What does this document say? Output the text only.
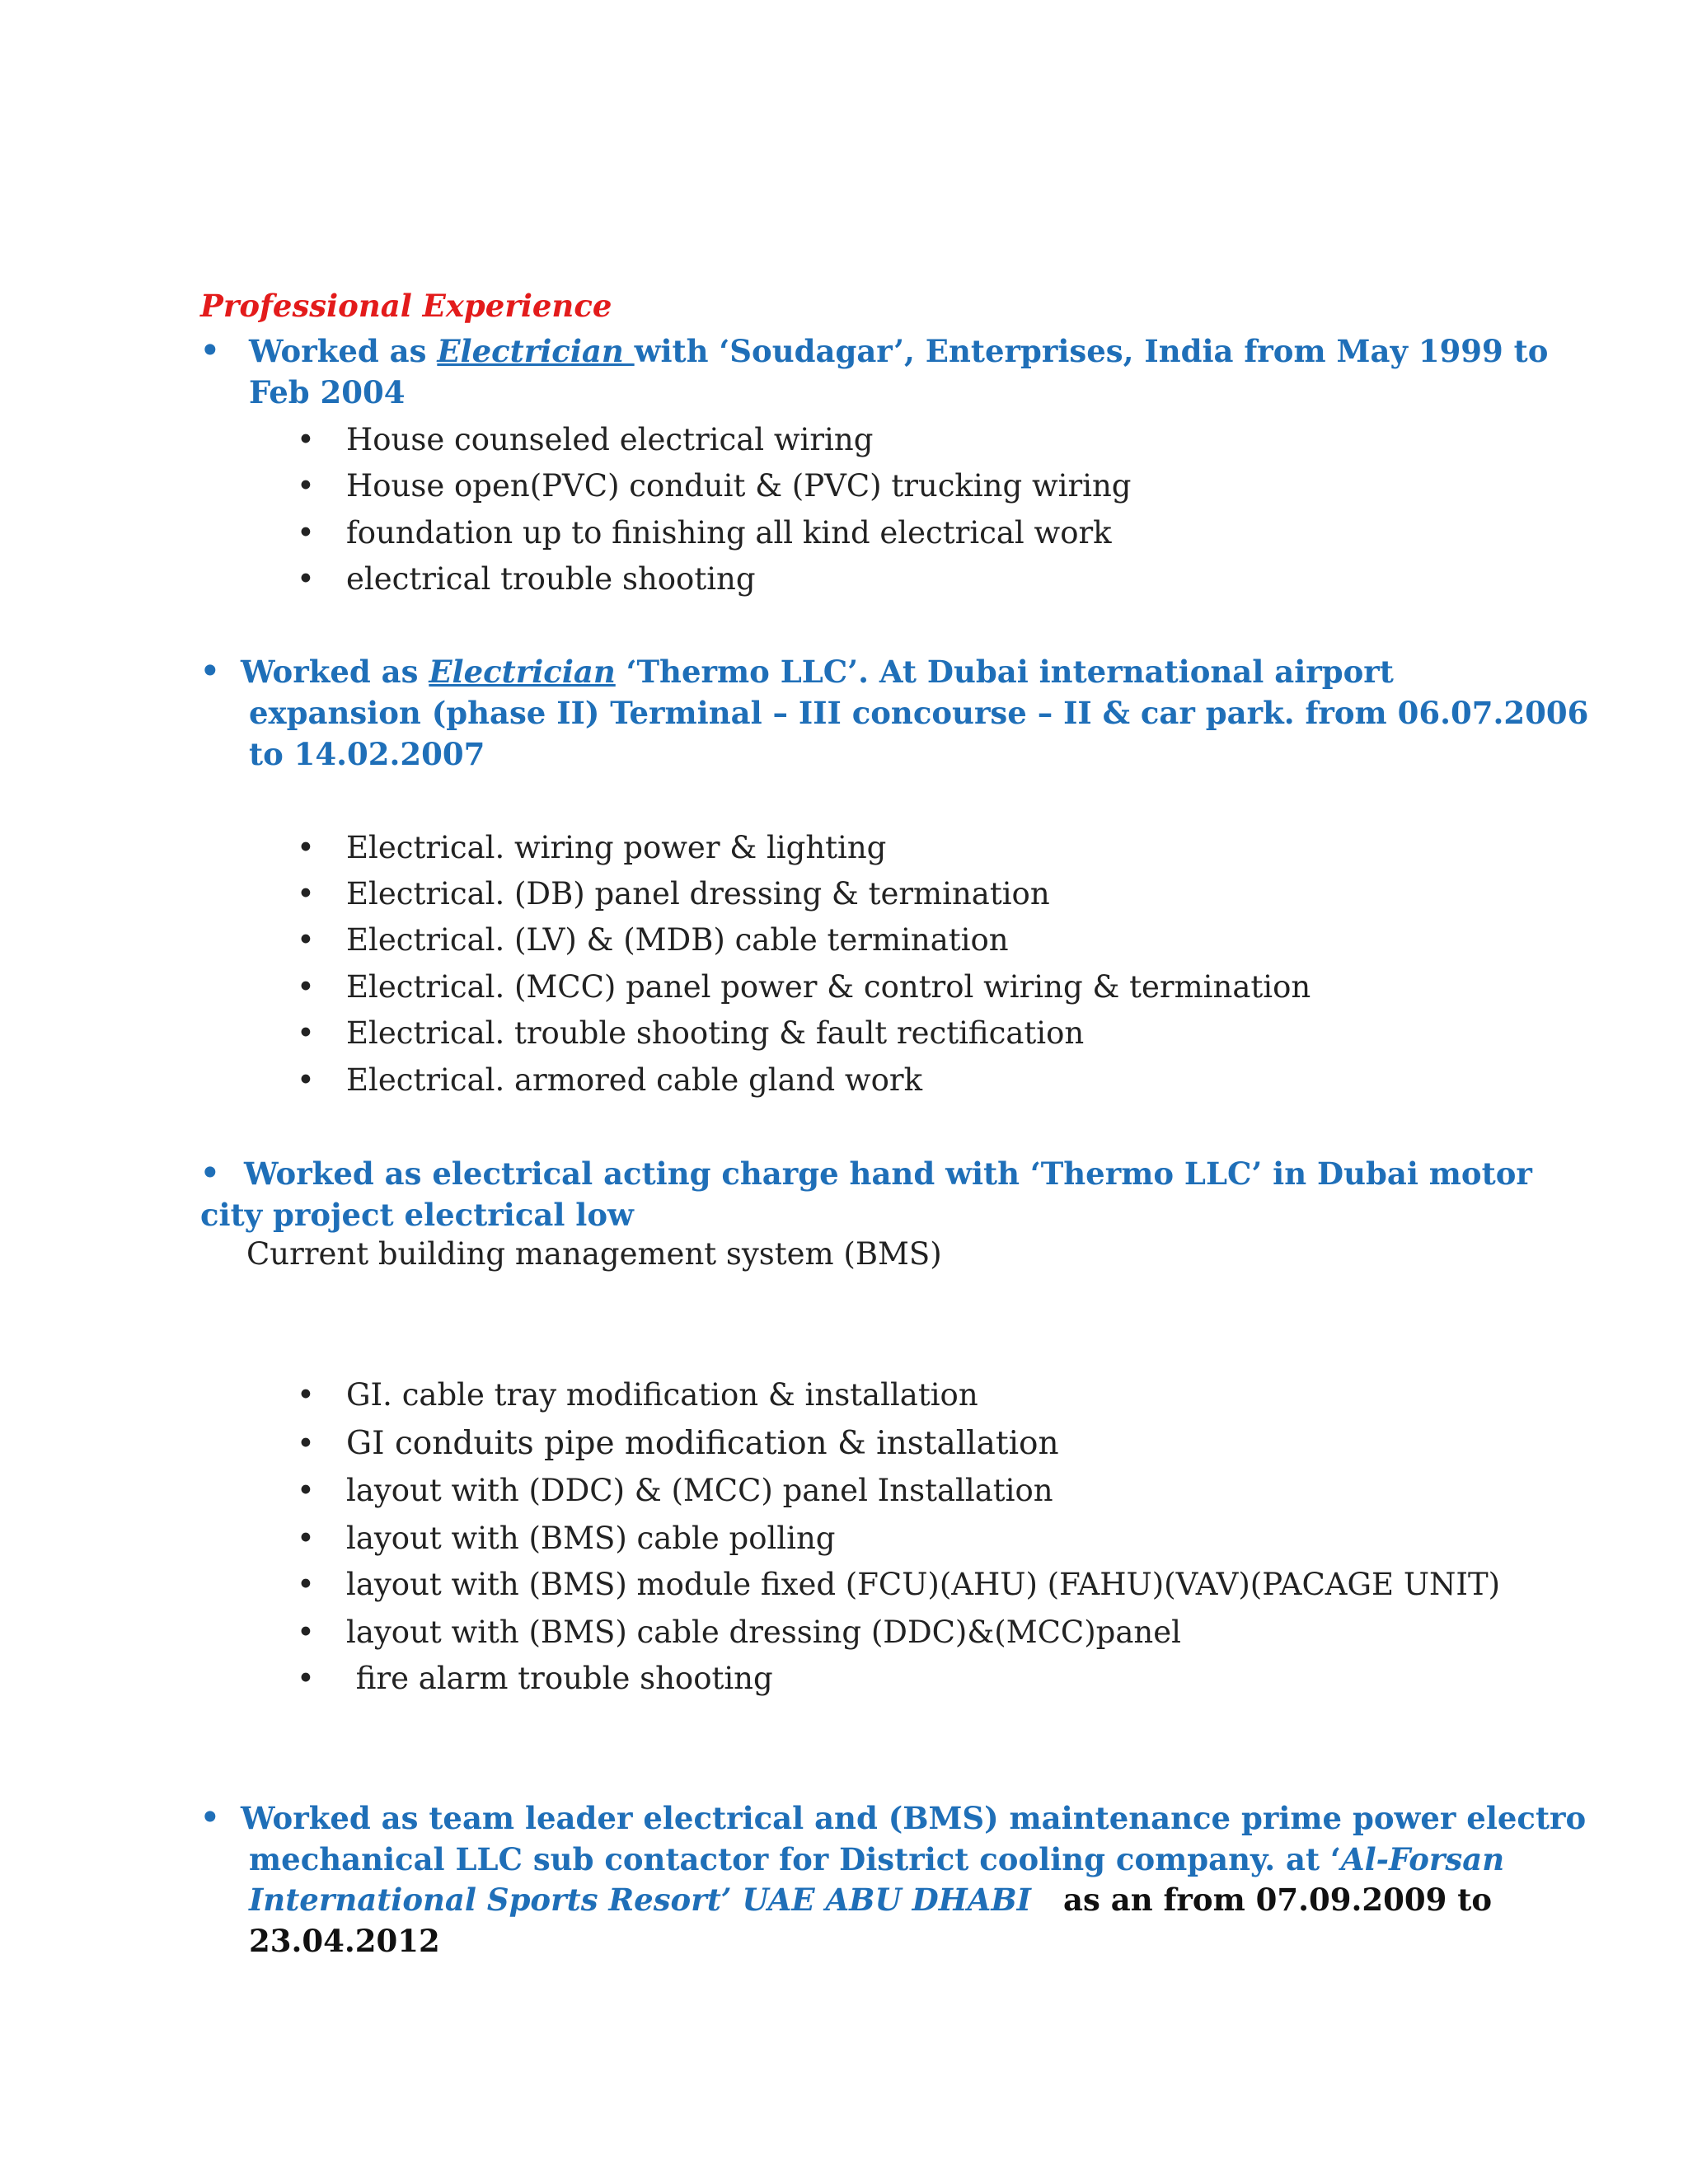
Professional Experience
• Worked as Electrician with ‘Soudagar’, Enterprises, India from May 1999 to
Feb 2004
• House counseled electrical wiring
• House open(PVC) conduit & (PVC) trucking wiring
• foundation up to finishing all kind electrical work
• electrical trouble shooting
• Worked as Electrician ‘Thermo LLC’. At Dubai international airport
expansion (phase II) Terminal – III concourse – II & car park. from 06.07.2006
to 14.02.2007
• Electrical. wiring power & lighting
• Electrical. (DB) panel dressing & termination
• Electrical. (LV) & (MDB) cable termination
• Electrical. (MCC) panel power & control wiring & termination
• Electrical. trouble shooting & fault rectification
• Electrical. armored cable gland work
• Worked as electrical acting charge hand with ‘Thermo LLC’ in Dubai motor
city project electrical low
Current building management system (BMS)
• GI. cable tray modification & installation
• GI conduits pipe modification & installation
• layout with (DDC) & (MCC) panel Installation
• layout with (BMS) cable polling
• layout with (BMS) module fixed (FCU)(AHU) (FAHU)(VAV)(PACAGE UNIT)
• layout with (BMS) cable dressing (DDC)&(MCC)panel
• fire alarm trouble shooting
• Worked as team leader electrical and (BMS) maintenance prime power electro
mechanical LLC sub contactor for District cooling company. at ‘Al-Forsan
International Sports Resort’ UAE ABU DHABI as an from 07.09.2009 to
23.04.2012
